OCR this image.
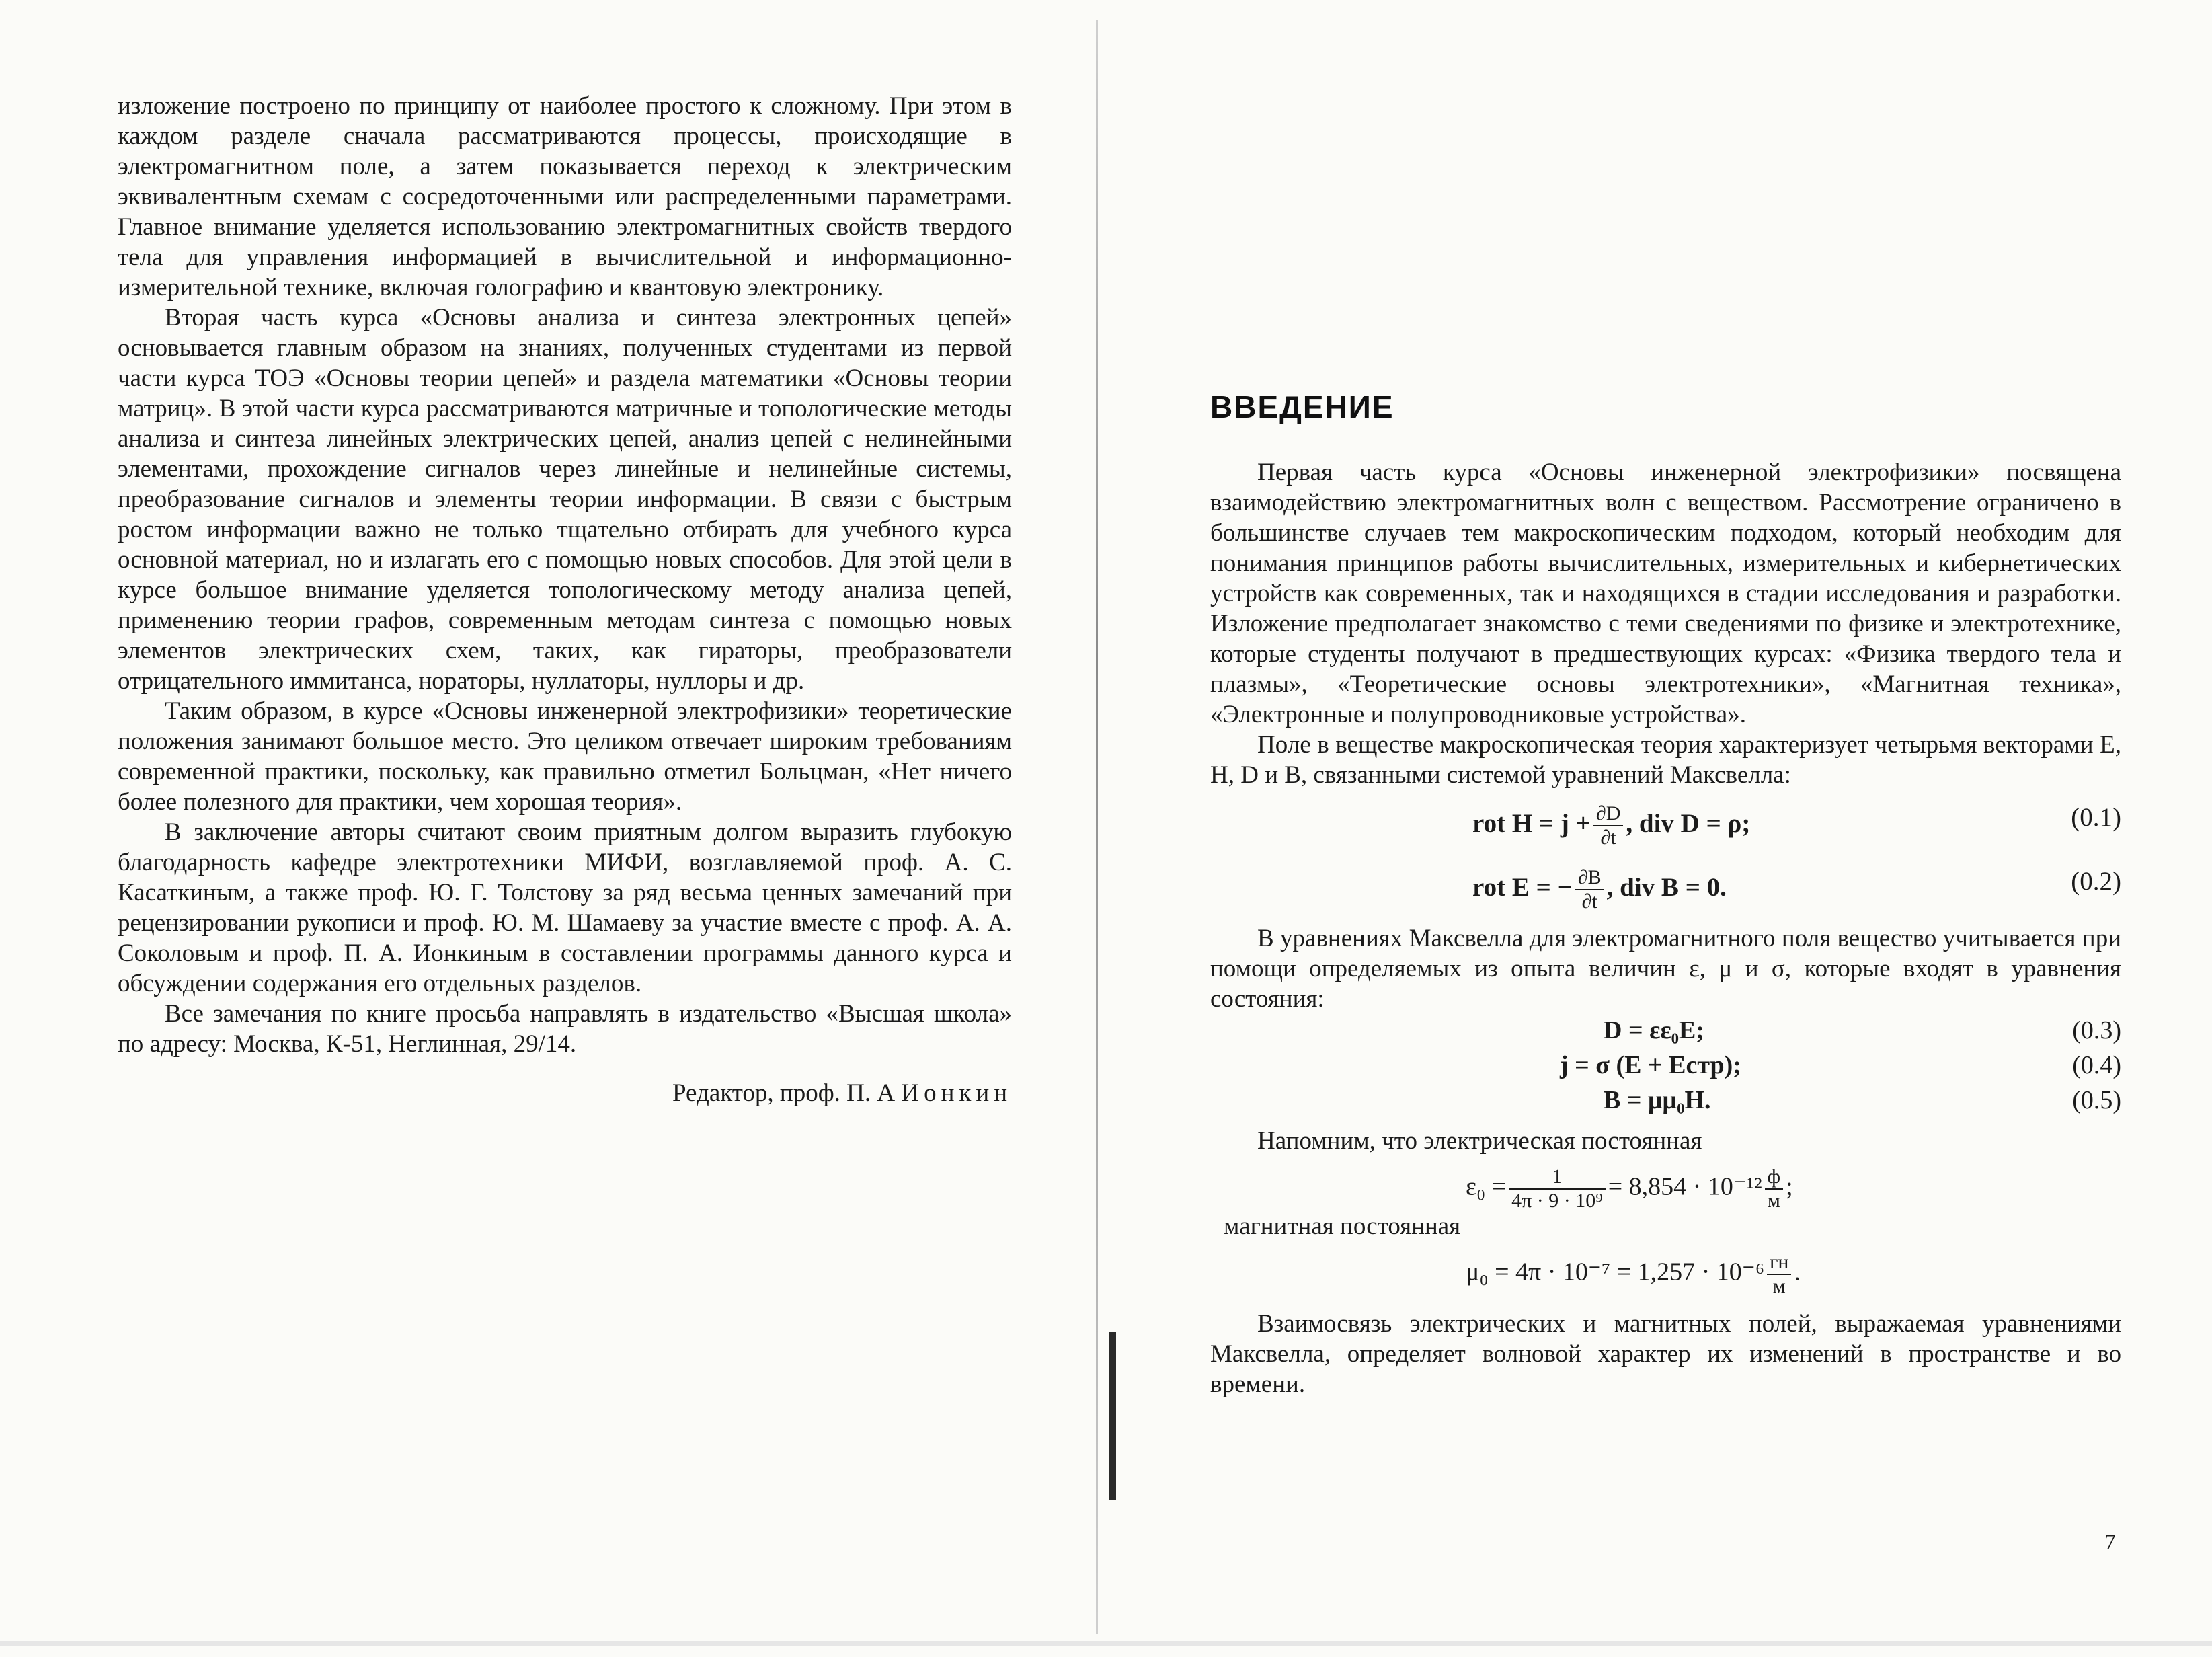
изложение построено по принципу от наиболее простого к сложному. При этом в каждом разделе сначала рассматриваются процессы, происходящие в электромагнитном поле, а затем показывается переход к электрическим эквивалентным схемам с сосредоточенными или распределенными параметрами. Главное внимание уделяется использованию электромагнитных свойств твердого тела для управления информацией в вычислительной и информационно-измерительной технике, включая голографию и квантовую электронику.

Вторая часть курса «Основы анализа и синтеза электронных цепей» основывается главным образом на знаниях, полученных студентами из первой части курса ТОЭ «Основы теории цепей» и раздела математики «Основы теории матриц». В этой части курса рассматриваются матричные и топологические методы анализа и синтеза линейных электрических цепей, анализ цепей с нелинейными элементами, прохождение сигналов через линейные и нелинейные системы, преобразование сигналов и элементы теории информации. В связи с быстрым ростом информации важно не только тщательно отбирать для учебного курса основной материал, но и излагать его с помощью новых способов. Для этой цели в курсе большое внимание уделяется топологическому методу анализа цепей, применению теории графов, современным методам синтеза с помощью новых элементов электрических схем, таких, как гираторы, преобразователи отрицательного иммитанса, нораторы, нуллаторы, нуллоры и др.

Таким образом, в курсе «Основы инженерной электрофизики» теоретические положения занимают большое место. Это целиком отвечает широким требованиям современной практики, поскольку, как правильно отметил Больцман, «Нет ничего более полезного для практики, чем хорошая теория».

В заключение авторы считают своим приятным долгом выразить глубокую благодарность кафедре электротехники МИФИ, возглавляемой проф. А. С. Касаткиным, а также проф. Ю. Г. Толстову за ряд весьма ценных замечаний при рецензировании рукописи и проф. Ю. М. Шамаеву за участие вместе с проф. А. А. Соколовым и проф. П. А. Ионкиным в составлении программы данного курса и обсуждении содержания его отдельных разделов.

Все замечания по книге просьба направлять в издательство «Высшая школа» по адресу: Москва, К-51, Неглинная, 29/14.

Редактор, проф. П. А Ионкин
ВВЕДЕНИЕ

Первая часть курса «Основы инженерной электрофизики» посвящена взаимодействию электромагнитных волн с веществом. Рассмотрение ограничено в большинстве случаев тем макроскопическим подходом, который необходим для понимания принципов работы вычислительных, измерительных и кибернетических устройств как современных, так и находящихся в стадии исследования и разработки. Изложение предполагает знакомство с теми сведениями по физике и электротехнике, которые студенты получают в предшествующих курсах: «Физика твердого тела и плазмы», «Теоретические основы электротехники», «Магнитная техника», «Электронные и полупроводниковые устройства».

Поле в веществе макроскопическая теория характеризует четырьмя векторами E, H, D и B, связанными системой уравнений Максвелла:

rot $H = j + \frac{\partial D}{\partial t}$ , div D = ρ;	(0.1)
rot E = − $\frac{\partial B}{\partial t}$ , div B = 0.	(0.2)

В уравнениях Максвелла для электромагнитного поля вещество учитывается при помощи определяемых из опыта величин ε, μ и σ, которые входят в уравнения состояния:

D = εε₀E;	(0.3)
j = σ (E + Eстр);	(0.4)
B = μμ₀H.	(0.5)

Напомним, что электрическая постоянная

$\varepsilon_0 = \frac{1}{\text{4π · 9 · 10⁹}} = 8,854 \cdot 10^{-12} \frac{ф}{м}$ ;

магнитная постоянная

$\mu_0 = 4\pi \cdot 10^{-7} = 1,257 \cdot 10^{-6} \frac{гн}{м}$ .

Взаимосвязь электрических и магнитных полей, выражаемая уравнениями Максвелла, определяет волновой характер их изменений в пространстве и во времени.

7
